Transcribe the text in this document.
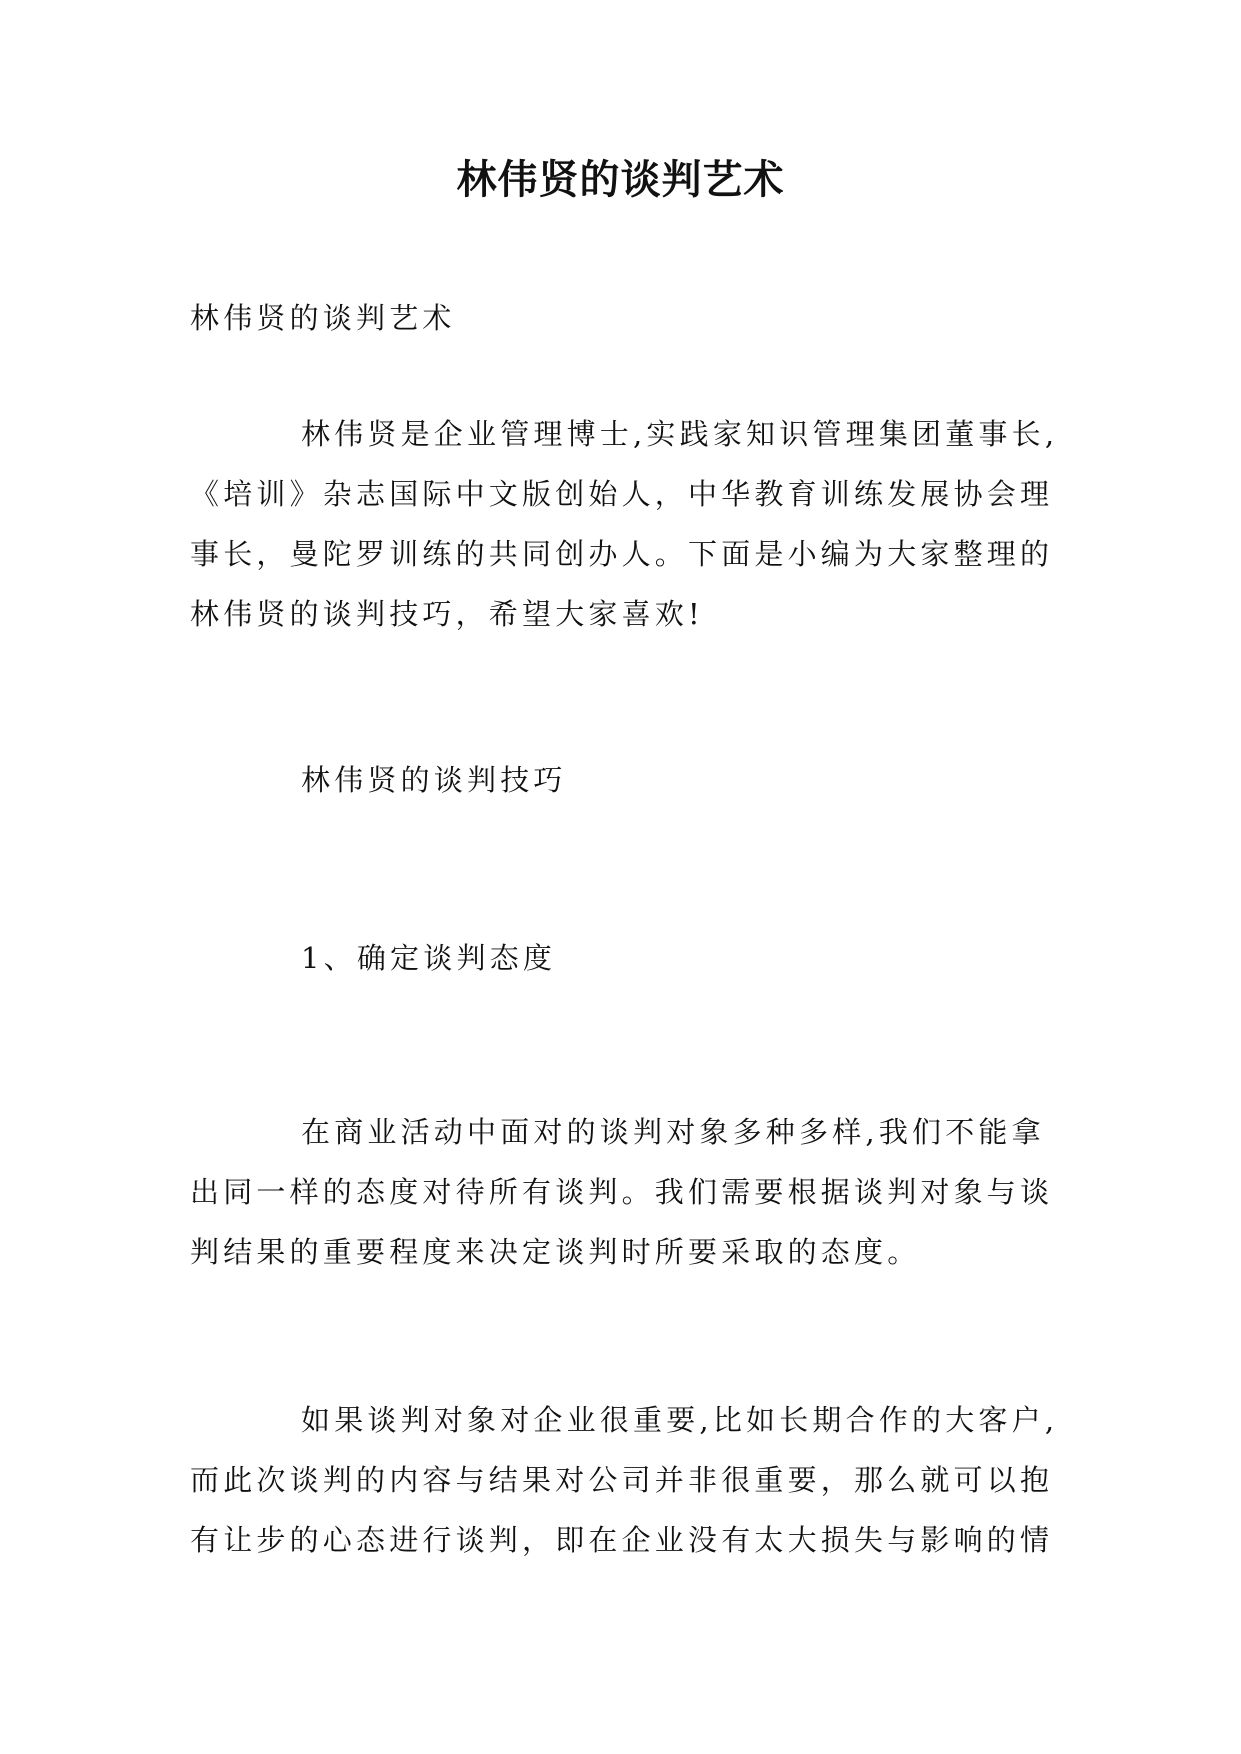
林伟贤的谈判艺术
林伟贤的谈判艺术
林伟贤是企业管理博士,实践家知识管理集团董事长,
《培训》杂志国际中文版创始人，中华教育训练发展协会理
事长，曼陀罗训练的共同创办人。下面是小编为大家整理的
林伟贤的谈判技巧，希望大家喜欢!
林伟贤的谈判技巧
1、确定谈判态度
在商业活动中面对的谈判对象多种多样,我们不能拿
出同一样的态度对待所有谈判。我们需要根据谈判对象与谈
判结果的重要程度来决定谈判时所要采取的态度。
如果谈判对象对企业很重要,比如长期合作的大客户,
而此次谈判的内容与结果对公司并非很重要，那么就可以抱
有让步的心态进行谈判，即在企业没有太大损失与影响的情
